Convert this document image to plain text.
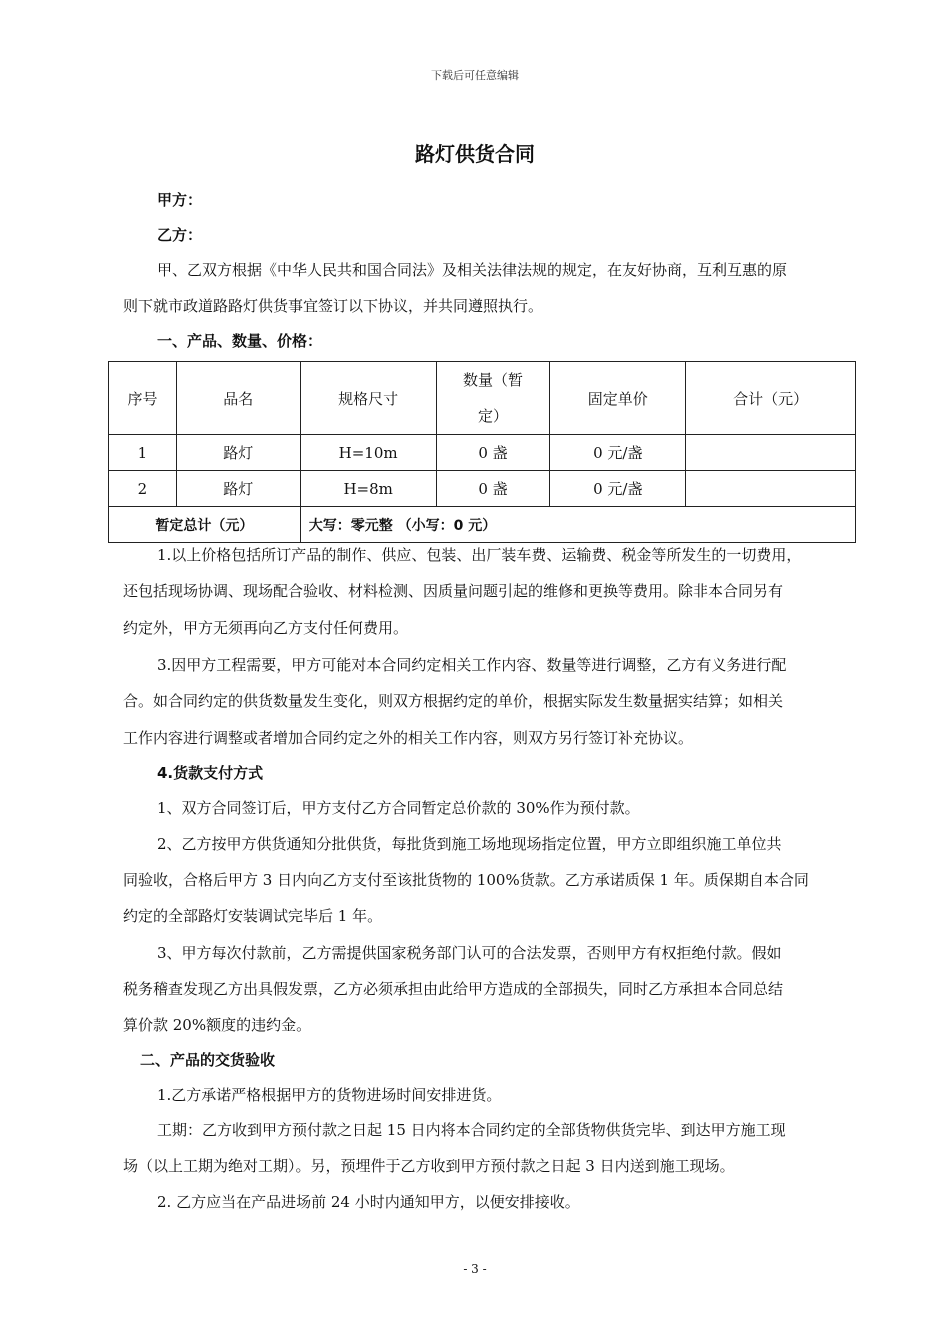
下载后可任意编辑
路灯供货合同
甲方：
乙方：
甲、乙双方根据《中华人民共和国合同法》及相关法律法规的规定，在友好协商，互利互惠的原
则下就市政道路路灯供货事宜签订以下协议，并共同遵照执行。
一、产品、数量、价格：
序号	品名	规格尺寸	数量（暂
定）	固定单价	合计（元）
1	路灯	H=10m	0 盏	0 元/盏	
2	路灯	H=8m	0 盏	0 元/盏	
暂定总计（元）		大写：零元整 （小写：0 元）			
1.以上价格包括所订产品的制作、供应、包装、出厂装车费、运输费、税金等所发生的一切费用，
还包括现场协调、现场配合验收、材料检测、因质量问题引起的维修和更换等费用。除非本合同另有
约定外，甲方无须再向乙方支付任何费用。
3.因甲方工程需要，甲方可能对本合同约定相关工作内容、数量等进行调整，乙方有义务进行配
合。如合同约定的供货数量发生变化，则双方根据约定的单价，根据实际发生数量据实结算；如相关
工作内容进行调整或者增加合同约定之外的相关工作内容，则双方另行签订补充协议。
4.货款支付方式
1、双方合同签订后，甲方支付乙方合同暂定总价款的 30%作为预付款。
2、乙方按甲方供货通知分批供货，每批货到施工场地现场指定位置，甲方立即组织施工单位共
同验收，合格后甲方 3 日内向乙方支付至该批货物的 100%货款。乙方承诺质保 1 年。质保期自本合同
约定的全部路灯安装调试完毕后 1 年。
3、甲方每次付款前，乙方需提供国家税务部门认可的合法发票，否则甲方有权拒绝付款。假如
税务稽查发现乙方出具假发票，乙方必须承担由此给甲方造成的全部损失，同时乙方承担本合同总结
算价款 20%额度的违约金。
二、产品的交货验收
1.乙方承诺严格根据甲方的货物进场时间安排进货。
工期：乙方收到甲方预付款之日起 15 日内将本合同约定的全部货物供货完毕、到达甲方施工现
场（以上工期为绝对工期）。另，预埋件于乙方收到甲方预付款之日起 3 日内送到施工现场。
2. 乙方应当在产品进场前 24 小时内通知甲方，以便安排接收。
- 3 -
